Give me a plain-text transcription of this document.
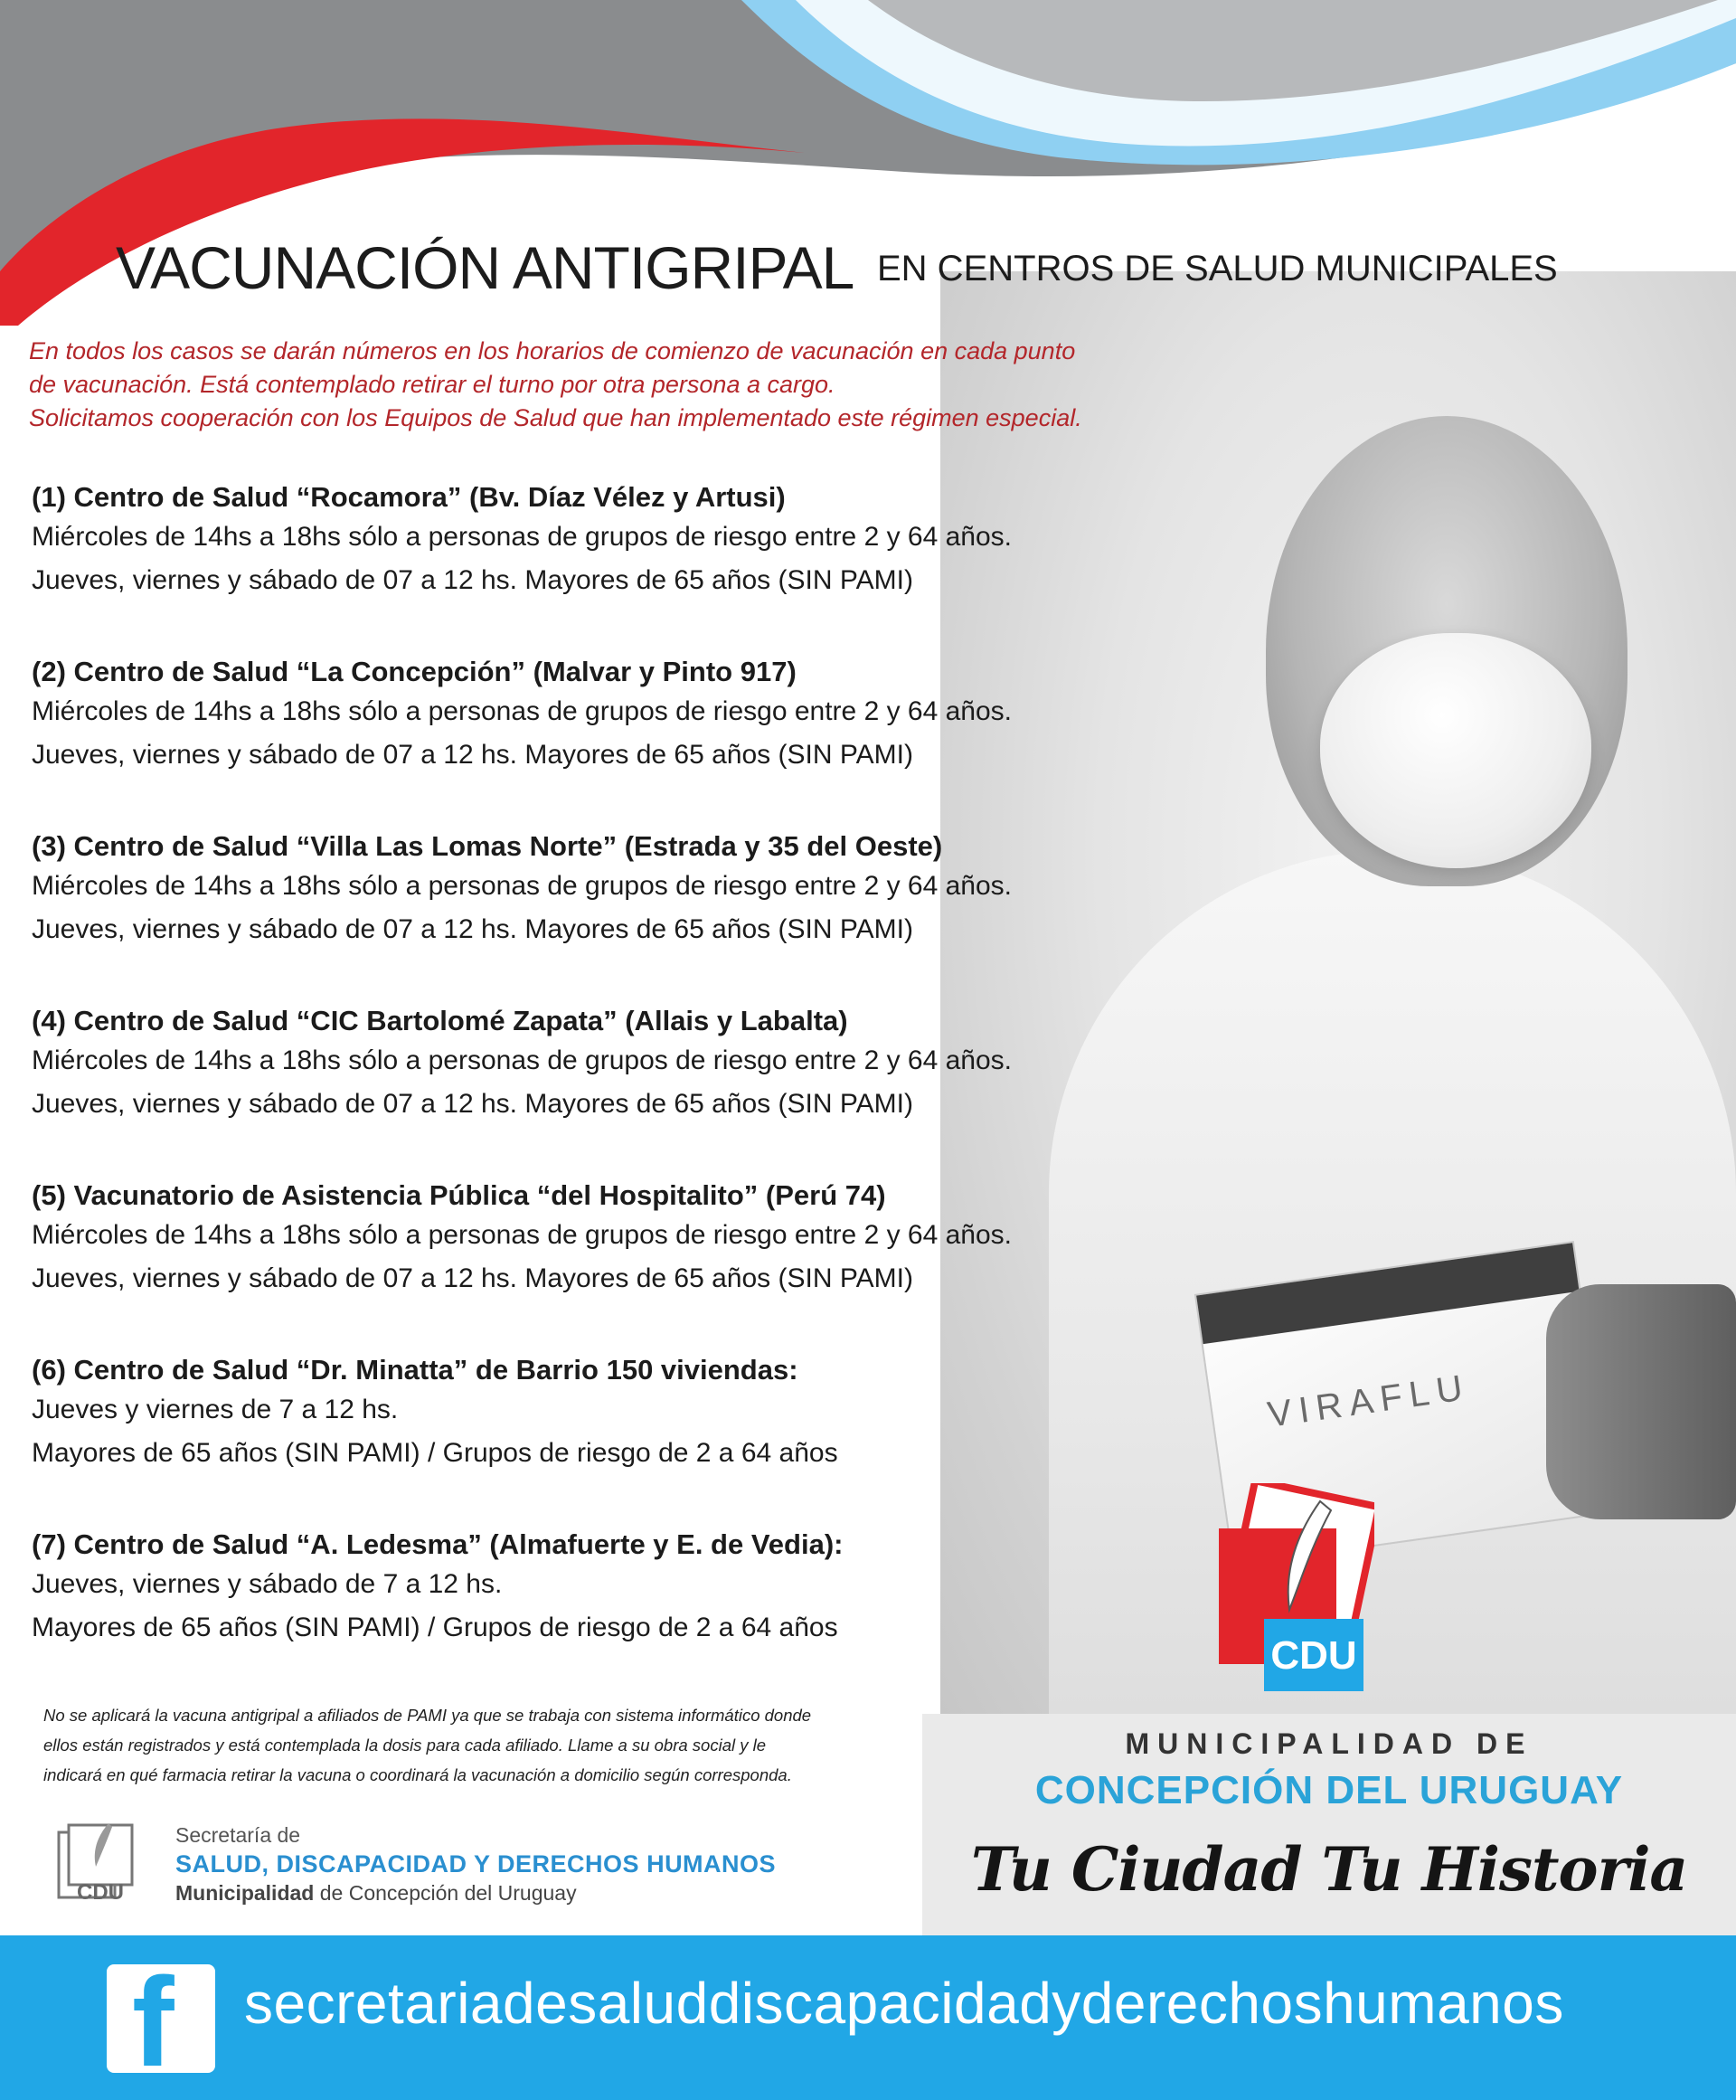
VIRAFLU
VACUNACIÓN ANTIGRIPAL EN CENTROS DE SALUD MUNICIPALES

En todos los casos se darán números en los horarios de comienzo de vacunación en cada punto

de vacunación. Está contemplado retirar el turno por otra persona a cargo.

Solicitamos cooperación con los Equipos de Salud que han implementado este régimen especial.

(1) Centro de Salud “Rocamora” (Bv. Díaz Vélez y Artusi)
Miércoles de 14hs a 18hs sólo a personas de grupos de riesgo entre 2 y 64 años.
Jueves, viernes y sábado de 07 a 12 hs. Mayores de 65 años (SIN PAMI)
(2) Centro de Salud “La Concepción” (Malvar y Pinto 917)
Miércoles de 14hs a 18hs sólo a personas de grupos de riesgo entre 2 y 64 años.
Jueves, viernes y sábado de 07 a 12 hs. Mayores de 65 años (SIN PAMI)
(3) Centro de Salud “Villa Las Lomas Norte” (Estrada y 35 del Oeste)
Miércoles de 14hs a 18hs sólo a personas de grupos de riesgo entre 2 y 64 años.
Jueves, viernes y sábado de 07 a 12 hs. Mayores de 65 años (SIN PAMI)
(4) Centro de Salud “CIC Bartolomé Zapata” (Allais y Labalta)
Miércoles de 14hs a 18hs sólo a personas de grupos de riesgo entre 2 y 64 años.
Jueves, viernes y sábado de 07 a 12 hs. Mayores de 65 años (SIN PAMI)
(5) Vacunatorio de Asistencia Pública “del Hospitalito” (Perú 74)
Miércoles de 14hs a 18hs sólo a personas de grupos de riesgo entre 2 y 64 años.
Jueves, viernes y sábado de 07 a 12 hs. Mayores de 65 años (SIN PAMI)
(6) Centro de Salud “Dr. Minatta” de Barrio 150 viviendas:
Jueves y viernes de 7 a 12 hs.
Mayores de 65 años (SIN PAMI) / Grupos de riesgo de 2 a 64 años
(7) Centro de Salud “A. Ledesma” (Almafuerte y E. de Vedia):
Jueves, viernes y sábado de 7 a 12 hs.
Mayores de 65 años (SIN PAMI) / Grupos de riesgo de 2 a 64 años

No se aplicará la vacuna antigripal a afiliados de PAMI ya que se trabaja con sistema informático donde

ellos están registrados y está contemplada la dosis para cada afiliado. Llame a su obra social y le

indicará en qué farmacia retirar la vacuna o coordinará la vacunación a domicilio según corresponda.

CDU
Secretaría de
SALUD, DISCAPACIDAD Y DERECHOS HUMANOS
Municipalidad de Concepción del Uruguay
CDU
MUNICIPALIDAD DE
CONCEPCIÓN DEL URUGUAY
Tu Ciudad Tu Historia
f secretariadesaluddiscapacidadyderechoshumanos
